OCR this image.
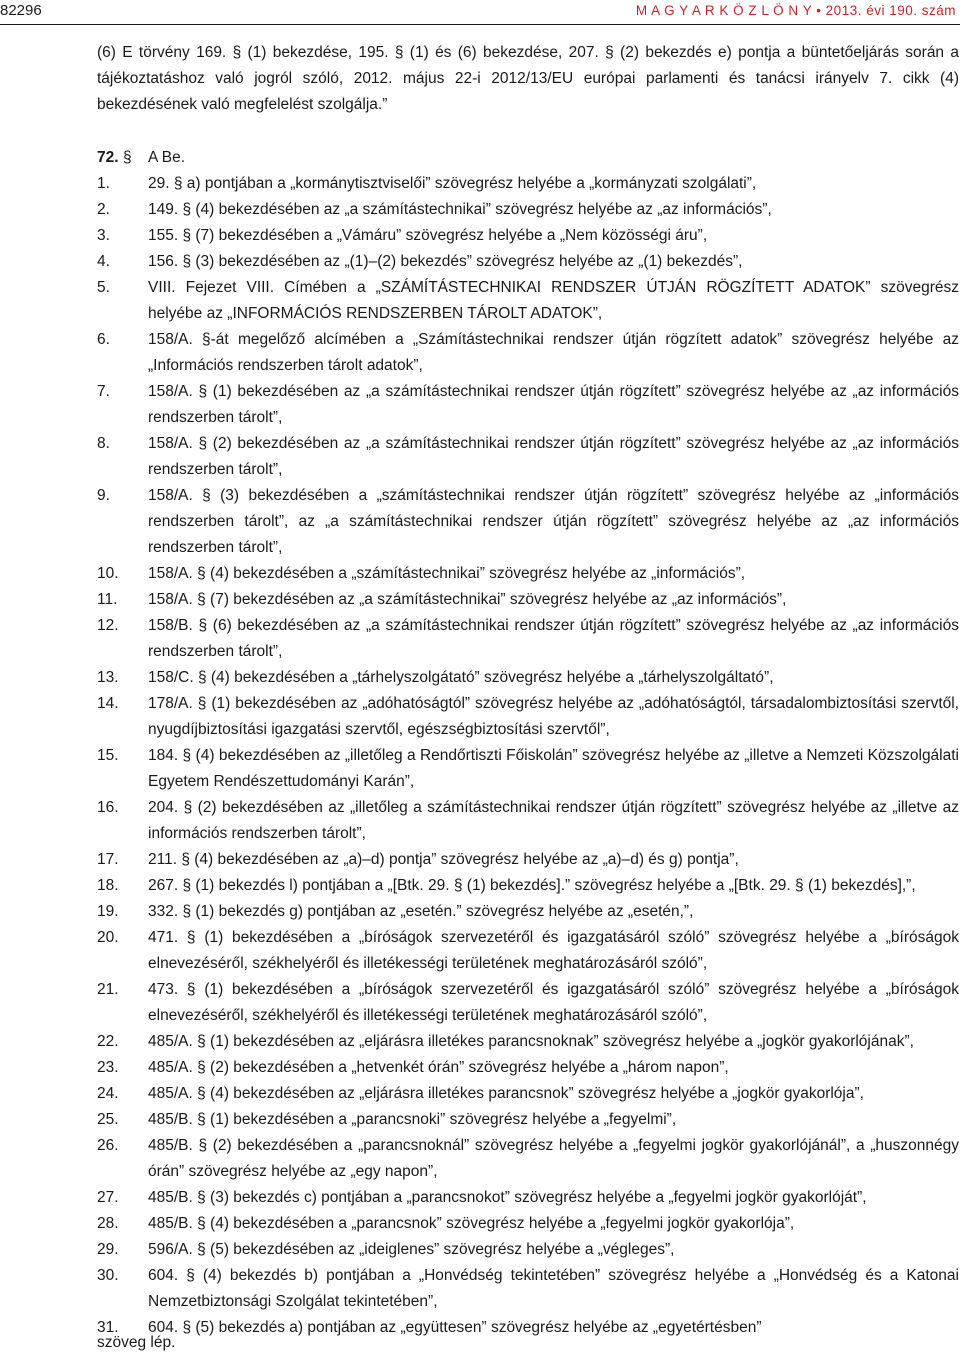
82296	M A G Y A R K Ö Z L Ö N Y • 2013. évi 190. szám

(6) E törvény 169. § (1) bekezdése, 195. § (1) és (6) bekezdése, 207. § (2) bekezdés e) pontja a büntetőeljárás során a tájékoztatáshoz való jogról szóló, 2012. május 22-i 2012/13/EU európai parlamenti és tanácsi irányelv 7. cikk (4) bekezdésének való megfelelést szolgálja.”

72. § A Be.
1. 29. § a) pontjában a „kormánytisztviselői” szövegrész helyébe a „kormányzati szolgálati”,
2. 149. § (4) bekezdésében az „a számítástechnikai” szövegrész helyébe az „az információs”,
3. 155. § (7) bekezdésében a „Vámáru” szövegrész helyébe a „Nem közösségi áru”,
4. 156. § (3) bekezdésében az „(1)–(2) bekezdés” szövegrész helyébe az „(1) bekezdés”,
5. VIII. Fejezet VIII. Címében a „SZÁMÍTÁSTECHNIKAI RENDSZER ÚTJÁN RÖGZÍTETT ADATOK” szövegrész helyébe az „INFORMÁCIÓS RENDSZERBEN TÁROLT ADATOK”,
6. 158/A. §-át megelőző alcímében a „Számítástechnikai rendszer útján rögzített adatok” szövegrész helyébe az „Információs rendszerben tárolt adatok”,
7. 158/A. § (1) bekezdésében az „a számítástechnikai rendszer útján rögzített” szövegrész helyébe az „az információs rendszerben tárolt”,
8. 158/A. § (2) bekezdésében az „a számítástechnikai rendszer útján rögzített” szövegrész helyébe az „az információs rendszerben tárolt”,
9. 158/A. § (3) bekezdésében a „számítástechnikai rendszer útján rögzített” szövegrész helyébe az „információs rendszerben tárolt”, az „a számítástechnikai rendszer útján rögzített” szövegrész helyébe az „az információs rendszerben tárolt”,
10. 158/A. § (4) bekezdésében a „számítástechnikai” szövegrész helyébe az „információs”,
11. 158/A. § (7) bekezdésében az „a számítástechnikai” szövegrész helyébe az „az információs”,
12. 158/B. § (6) bekezdésében az „a számítástechnikai rendszer útján rögzített” szövegrész helyébe az „az információs rendszerben tárolt”,
13. 158/C. § (4) bekezdésében a „tárhelyszolgátató” szövegrész helyébe a „tárhelyszolgáltató”,
14. 178/A. § (1) bekezdésében az „adóhatóságtól” szövegrész helyébe az „adóhatóságtól, társadalombiztosítási szervtől, nyugdíjbiztosítási igazgatási szervtől, egészségbiztosítási szervtől”,
15. 184. § (4) bekezdésében az „illetőleg a Rendőrtiszti Főiskolán” szövegrész helyébe az „illetve a Nemzeti Közszolgálati Egyetem Rendészettudományi Karán”,
16. 204. § (2) bekezdésében az „illetőleg a számítástechnikai rendszer útján rögzített” szövegrész helyébe az „illetve az információs rendszerben tárolt”,
17. 211. § (4) bekezdésében az „a)–d) pontja” szövegrész helyébe az „a)–d) és g) pontja”,
18. 267. § (1) bekezdés l) pontjában a „[Btk. 29. § (1) bekezdés].” szövegrész helyébe a „[Btk. 29. § (1) bekezdés],”,
19. 332. § (1) bekezdés g) pontjában az „esetén.” szövegrész helyébe az „esetén,”,
20. 471. § (1) bekezdésében a „bíróságok szervezetéről és igazgatásáról szóló” szövegrész helyébe a „bíróságok elnevezéséről, székhelyéről és illetékességi területének meghatározásáról szóló”,
21. 473. § (1) bekezdésében a „bíróságok szervezetéről és igazgatásáról szóló” szövegrész helyébe a „bíróságok elnevezéséről, székhelyéről és illetékességi területének meghatározásáról szóló”,
22. 485/A. § (1) bekezdésében az „eljárásra illetékes parancsnoknak” szövegrész helyébe a „jogkör gyakorlójának”,
23. 485/A. § (2) bekezdésében a „hetvenkét órán” szövegrész helyébe a „három napon”,
24. 485/A. § (4) bekezdésében az „eljárásra illetékes parancsnok” szövegrész helyébe a „jogkör gyakorlója”,
25. 485/B. § (1) bekezdésében a „parancsnoki” szövegrész helyébe a „fegyelmi”,
26. 485/B. § (2) bekezdésében a „parancsnoknál” szövegrész helyébe a „fegyelmi jogkör gyakorlójánál”, a „huszonnégy órán” szövegrész helyébe az „egy napon”,
27. 485/B. § (3) bekezdés c) pontjában a „parancsnokot” szövegrész helyébe a „fegyelmi jogkör gyakorlóját”,
28. 485/B. § (4) bekezdésében a „parancsnok” szövegrész helyébe a „fegyelmi jogkör gyakorlója”,
29. 596/A. § (5) bekezdésében az „ideiglenes” szövegrész helyébe a „végleges”,
30. 604. § (4) bekezdés b) pontjában a „Honvédség tekintetében” szövegrész helyébe a „Honvédség és a Katonai Nemzetbiztonsági Szolgálat tekintetében”,
31. 604. § (5) bekezdés a) pontjában az „együttesen” szövegrész helyébe az „egyetértésben”
szöveg lép.
